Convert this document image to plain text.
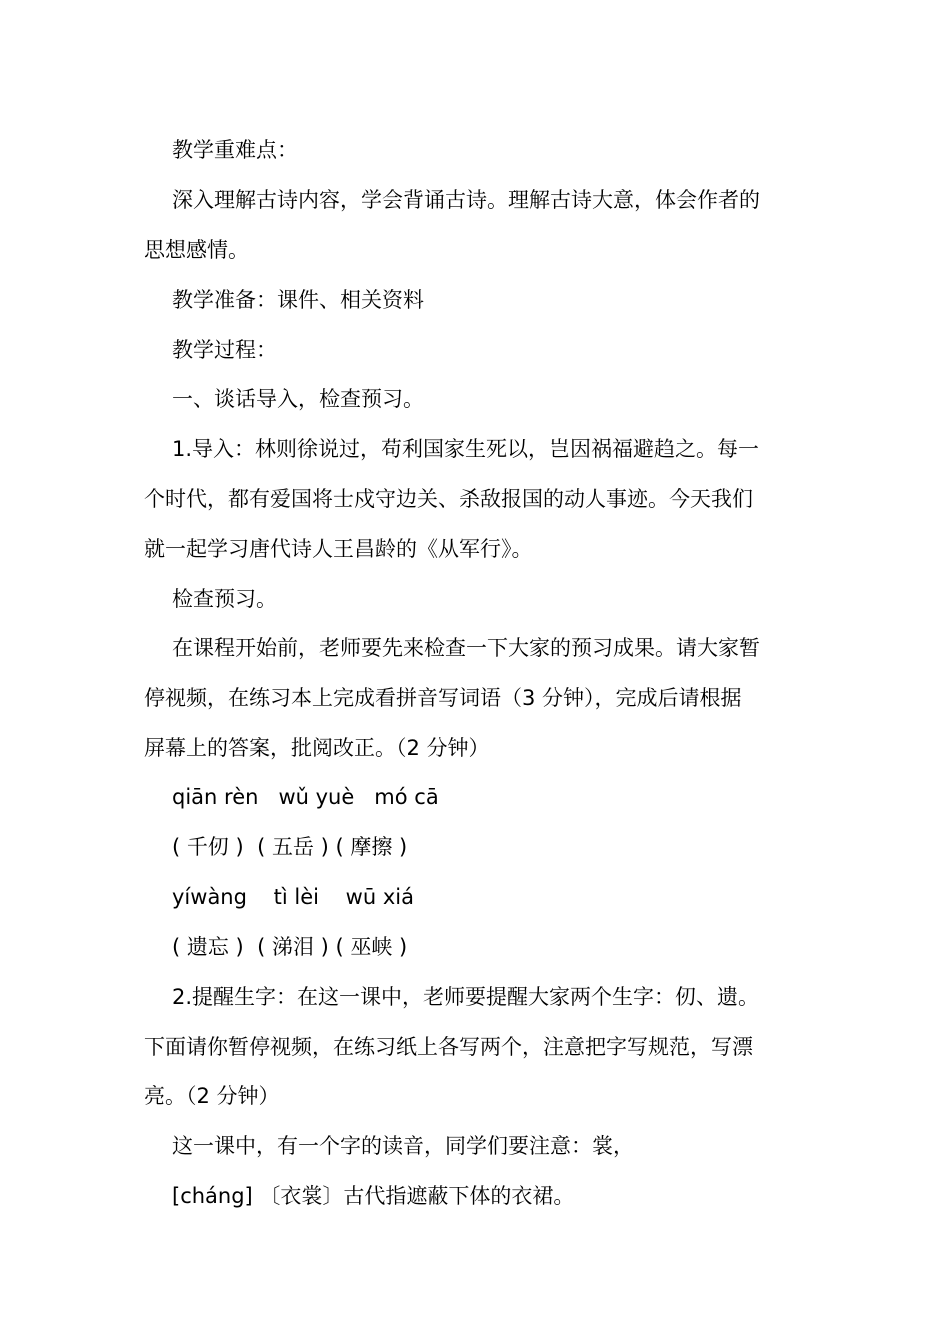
教学重难点：
深入理解古诗内容，学会背诵古诗。理解古诗大意，体会作者的
思想感情。
教学准备：课件、相关资料
教学过程：
一、谈话导入，检查预习。
1.导入：林则徐说过，苟利国家生死以，岂因祸福避趋之。每一
个时代，都有爱国将士戍守边关、杀敌报国的动人事迹。今天我们
就一起学习唐代诗人王昌龄的《从军行》。
检查预习。
在课程开始前，老师要先来检查一下大家的预习成果。请大家暂
停视频，在练习本上完成看拼音写词语（3 分钟），完成后请根据
屏幕上的答案，批阅改正。（2 分钟）
qiān rèn   wǔ yuè   mó cā
( 千仞 )  ( 五岳 ) ( 摩擦 )
yíwàng    tì lèi    wū xiá
( 遗忘 )  ( 涕泪 ) ( 巫峡 )
2.提醒生字：在这一课中，老师要提醒大家两个生字：仞、遗。
下面请你暂停视频，在练习纸上各写两个，注意把字写规范，写漂
亮。（2 分钟）
这一课中，有一个字的读音，同学们要注意：裳，
[cháng] 〔衣裳〕古代指遮蔽下体的衣裙。
